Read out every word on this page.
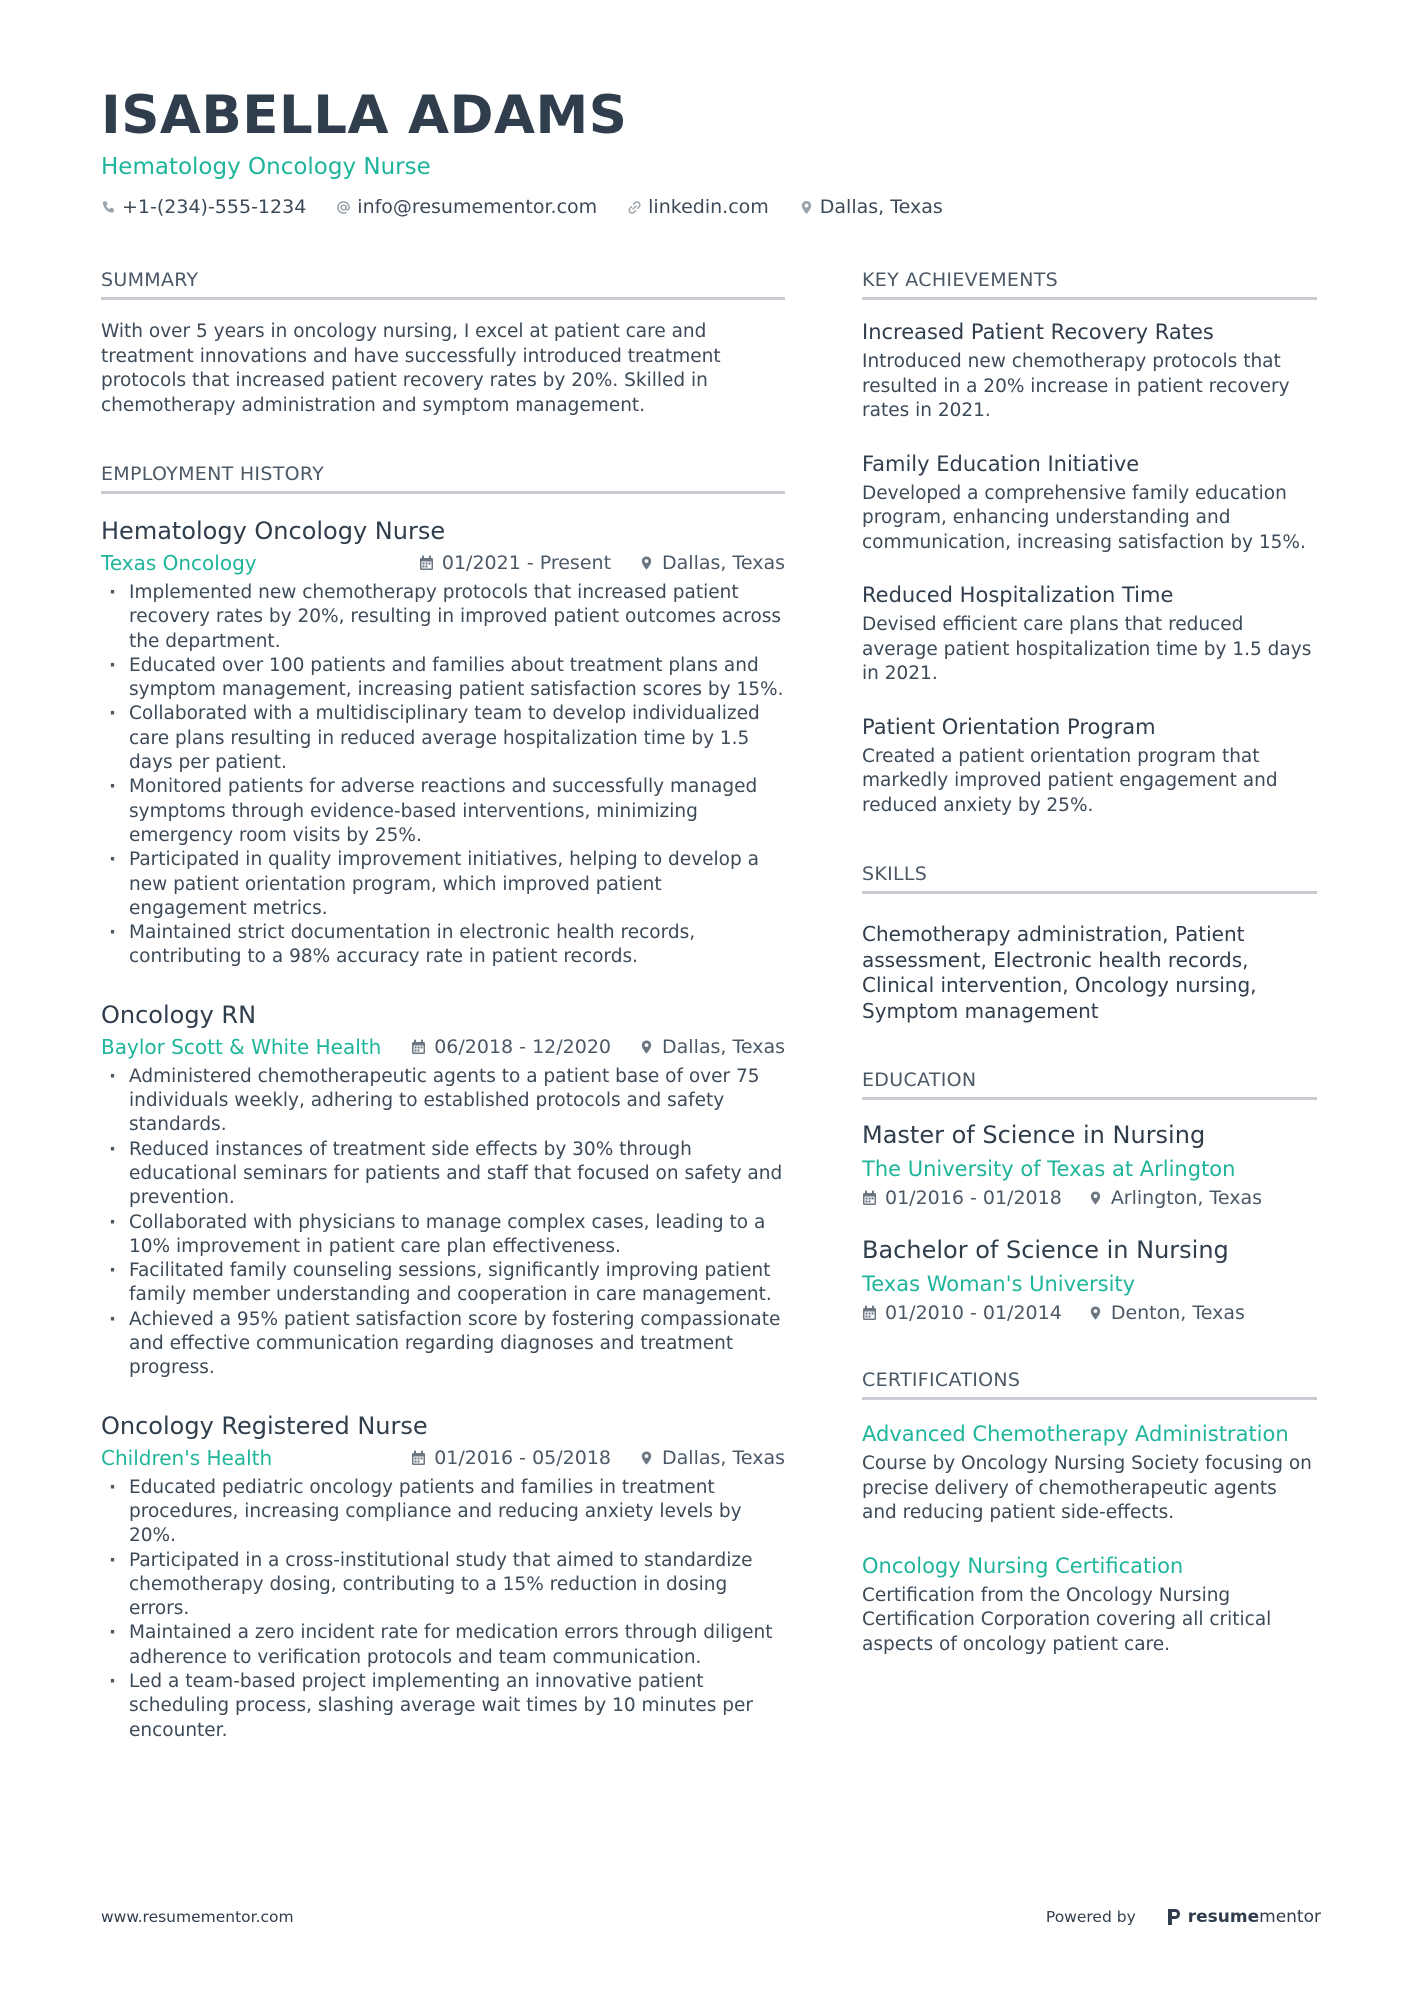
ISABELLA ADAMS
Hematology Oncology Nurse
+1-(234)-555-1234	info@resumementor.com	linkedin.com	Dallas, Texas
SUMMARY
With over 5 years in oncology nursing, I excel at patient care and treatment innovations and have successfully introduced treatment protocols that increased patient recovery rates by 20%. Skilled in chemotherapy administration and symptom management.
EMPLOYMENT HISTORY
Hematology Oncology Nurse
Texas Oncology	01/2021 - Present	Dallas, Texas
· Implemented new chemotherapy protocols that increased patient recovery rates by 20%, resulting in improved patient outcomes across the department.
· Educated over 100 patients and families about treatment plans and symptom management, increasing patient satisfaction scores by 15%.
· Collaborated with a multidisciplinary team to develop individualized care plans resulting in reduced average hospitalization time by 1.5 days per patient.
· Monitored patients for adverse reactions and successfully managed symptoms through evidence-based interventions, minimizing emergency room visits by 25%.
· Participated in quality improvement initiatives, helping to develop a new patient orientation program, which improved patient engagement metrics.
· Maintained strict documentation in electronic health records, contributing to a 98% accuracy rate in patient records.
Oncology RN
Baylor Scott & White Health	06/2018 - 12/2020	Dallas, Texas
· Administered chemotherapeutic agents to a patient base of over 75 individuals weekly, adhering to established protocols and safety standards.
· Reduced instances of treatment side effects by 30% through educational seminars for patients and staff that focused on safety and prevention.
· Collaborated with physicians to manage complex cases, leading to a 10% improvement in patient care plan effectiveness.
· Facilitated family counseling sessions, significantly improving patient family member understanding and cooperation in care management.
· Achieved a 95% patient satisfaction score by fostering compassionate and effective communication regarding diagnoses and treatment progress.
Oncology Registered Nurse
Children's Health	01/2016 - 05/2018	Dallas, Texas
· Educated pediatric oncology patients and families in treatment procedures, increasing compliance and reducing anxiety levels by 20%.
· Participated in a cross-institutional study that aimed to standardize chemotherapy dosing, contributing to a 15% reduction in dosing errors.
· Maintained a zero incident rate for medication errors through diligent adherence to verification protocols and team communication.
· Led a team-based project implementing an innovative patient scheduling process, slashing average wait times by 10 minutes per encounter.
KEY ACHIEVEMENTS
Increased Patient Recovery Rates
Introduced new chemotherapy protocols that resulted in a 20% increase in patient recovery rates in 2021.
Family Education Initiative
Developed a comprehensive family education program, enhancing understanding and communication, increasing satisfaction by 15%.
Reduced Hospitalization Time
Devised efficient care plans that reduced average patient hospitalization time by 1.5 days in 2021.
Patient Orientation Program
Created a patient orientation program that markedly improved patient engagement and reduced anxiety by 25%.
SKILLS
Chemotherapy administration, Patient assessment, Electronic health records, Clinical intervention, Oncology nursing, Symptom management
EDUCATION
Master of Science in Nursing
The University of Texas at Arlington
01/2016 - 01/2018	Arlington, Texas
Bachelor of Science in Nursing
Texas Woman's University
01/2010 - 01/2014	Denton, Texas
CERTIFICATIONS
Advanced Chemotherapy Administration
Course by Oncology Nursing Society focusing on precise delivery of chemotherapeutic agents and reducing patient side-effects.
Oncology Nursing Certification
Certification from the Oncology Nursing Certification Corporation covering all critical aspects of oncology patient care.
www.resumementor.com	Powered by	resumementor
